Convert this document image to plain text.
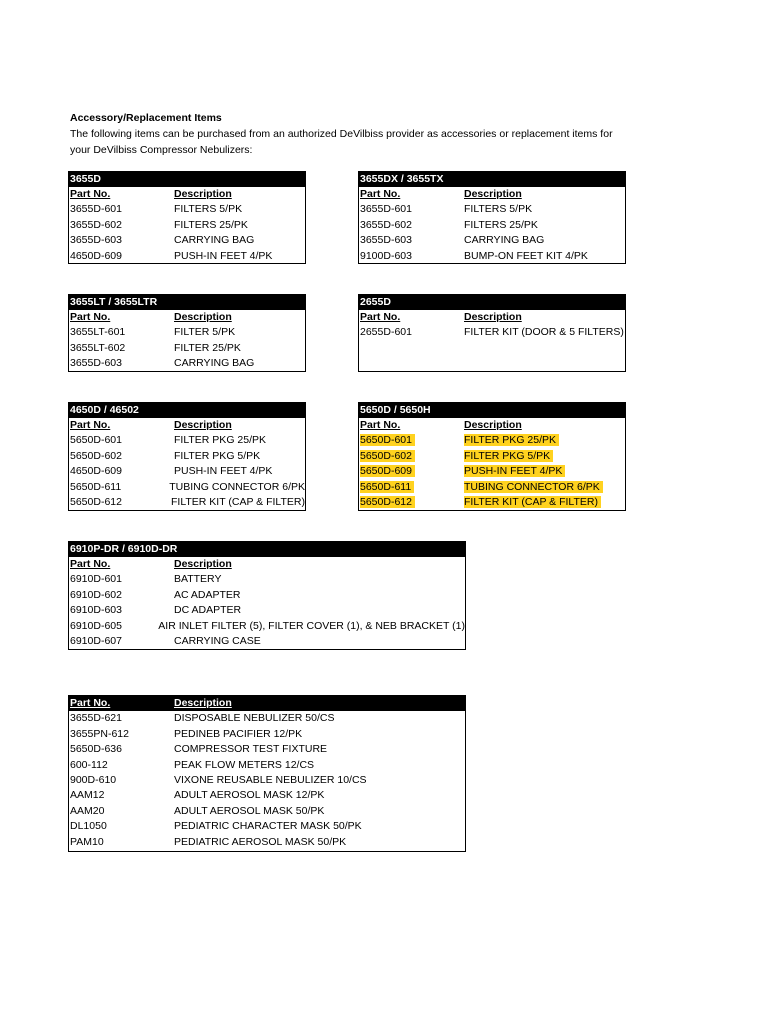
Accessory/Replacement Items
The following items can be purchased from an authorized DeVilbiss provider as accessories or replacement items for
your DeVilbiss Compressor Nebulizers:
3655D
Part No.	Description
3655D-601	FILTERS 5/PK
3655D-602	FILTERS 25/PK
3655D-603	CARRYING BAG
4650D-609	PUSH-IN FEET 4/PK
3655DX / 3655TX
Part No.	Description
3655D-601	FILTERS 5/PK
3655D-602	FILTERS 25/PK
3655D-603	CARRYING BAG
9100D-603	BUMP-ON FEET KIT 4/PK
3655LT / 3655LTR
Part No.	Description
3655LT-601	FILTER 5/PK
3655LT-602	FILTER 25/PK
3655D-603	CARRYING BAG
2655D
Part No.	Description
2655D-601	FILTER KIT (DOOR & 5 FILTERS)
4650D / 46502
Part No.	Description
5650D-601	FILTER PKG 25/PK
5650D-602	FILTER PKG 5/PK
4650D-609	PUSH-IN FEET 4/PK
5650D-611	TUBING CONNECTOR 6/PK
5650D-612	FILTER KIT (CAP & FILTER)
5650D / 5650H
Part No.	Description
5650D-601	FILTER PKG 25/PK
5650D-602	FILTER PKG 5/PK
5650D-609	PUSH-IN FEET 4/PK
5650D-611	TUBING CONNECTOR 6/PK
5650D-612	FILTER KIT (CAP & FILTER)
6910P-DR / 6910D-DR
Part No.	Description
6910D-601	BATTERY
6910D-602	AC ADAPTER
6910D-603	DC ADAPTER
6910D-605	AIR INLET FILTER (5), FILTER COVER (1), & NEB BRACKET (1)
6910D-607	CARRYING CASE
Part No.	Description
3655D-621	DISPOSABLE NEBULIZER 50/CS
3655PN-612	PEDINEB PACIFIER 12/PK
5650D-636	COMPRESSOR TEST FIXTURE
600-112	PEAK FLOW METERS 12/CS
900D-610	VIXONE REUSABLE NEBULIZER 10/CS
AAM12	ADULT AEROSOL MASK 12/PK
AAM20	ADULT AEROSOL MASK 50/PK
DL1050	PEDIATRIC CHARACTER MASK 50/PK
PAM10	PEDIATRIC AEROSOL MASK 50/PK
